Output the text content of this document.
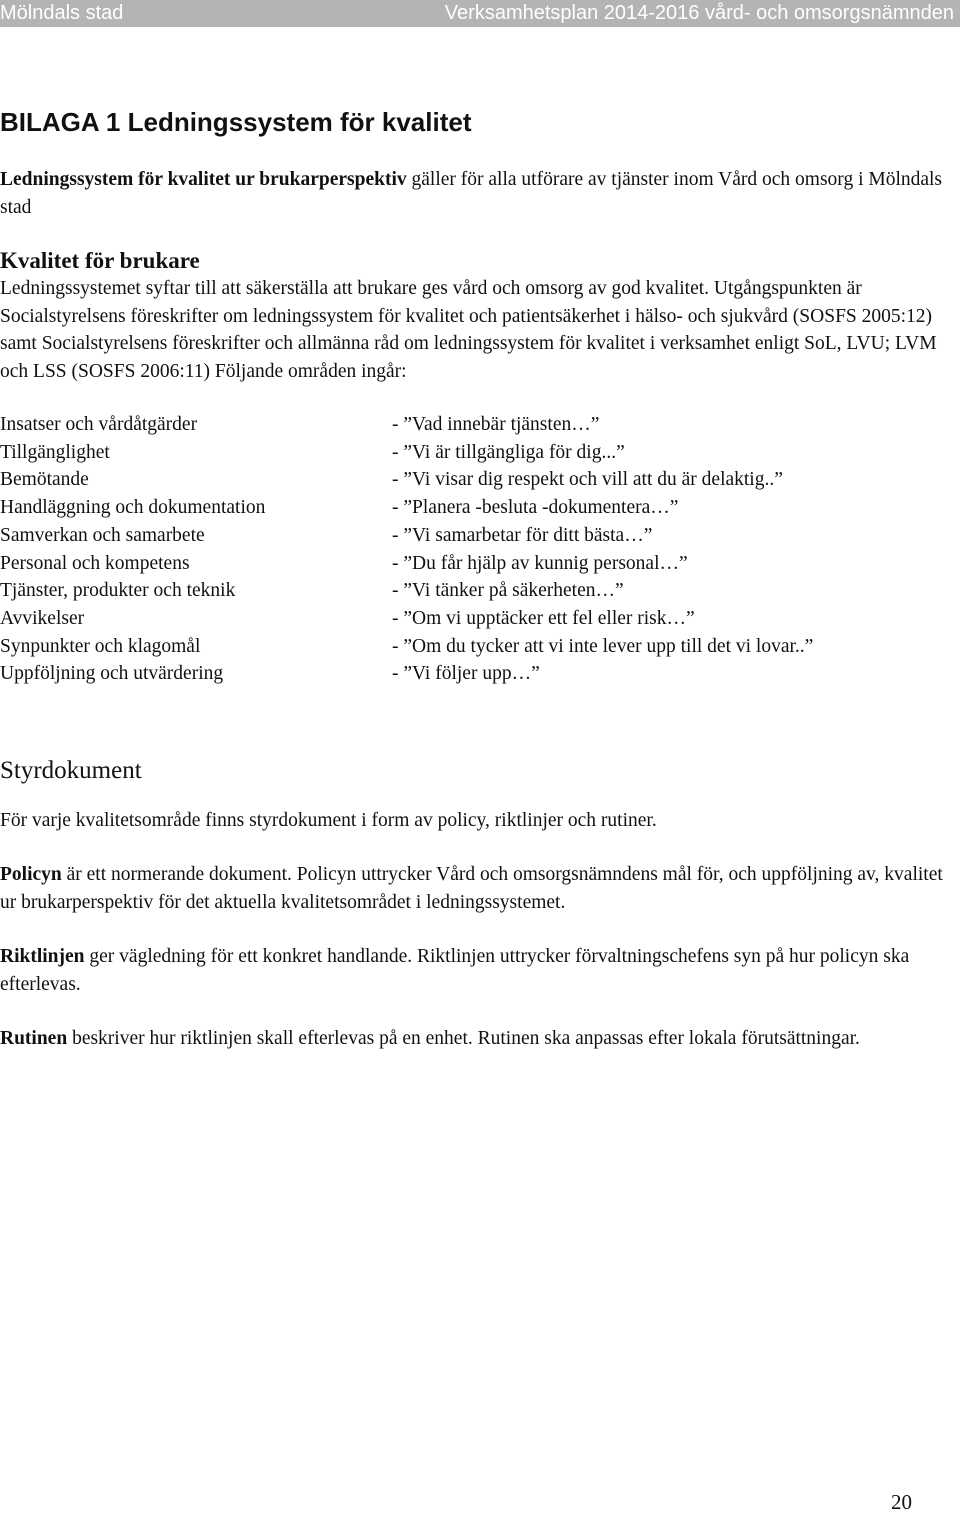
Mölndals stad	Verksamhetsplan 2014-2016 vård- och omsorgsnämnden
BILAGA 1 Ledningssystem för kvalitet

Ledningssystem för kvalitet ur brukarperspektiv gäller för alla utförare av tjänster inom Vård och omsorg i Mölndals stad

Kvalitet för brukare

Ledningssystemet syftar till att säkerställa att brukare ges vård och omsorg av god kvalitet. Utgångspunkten är Socialstyrelsens föreskrifter om ledningssystem för kvalitet och patientsäkerhet i hälso- och sjukvård (SOSFS 2005:12) samt Socialstyrelsens föreskrifter och allmänna råd om ledningssystem för kvalitet i verksamhet enligt SoL, LVU; LVM och LSS (SOSFS 2006:11) Följande områden ingår:

Insatser och vårdåtgärder	- ”Vad innebär tjänsten…”
Tillgänglighet	- ”Vi är tillgängliga för dig...”
Bemötande	- ”Vi visar dig respekt och vill att du är delaktig..”
Handläggning och dokumentation	- ”Planera -besluta -dokumentera…”
Samverkan och samarbete	- ”Vi samarbetar för ditt bästa…”
Personal och kompetens	- ”Du får hjälp av kunnig personal…”
Tjänster, produkter och teknik	- ”Vi tänker på säkerheten…”
Avvikelser	- ”Om vi upptäcker ett fel eller risk…”
Synpunkter och klagomål	- ”Om du tycker att vi inte lever upp till det vi lovar..”
Uppföljning och utvärdering	- ”Vi följer upp…”
Styrdokument

För varje kvalitetsområde finns styrdokument i form av policy, riktlinjer och rutiner.

Policyn är ett normerande dokument. Policyn uttrycker Vård och omsorgsnämndens mål för, och uppföljning av, kvalitet ur brukarperspektiv för det aktuella kvalitetsområdet i ledningssystemet.

Riktlinjen ger vägledning för ett konkret handlande. Riktlinjen uttrycker förvaltningschefens syn på hur policyn ska efterlevas.

Rutinen beskriver hur riktlinjen skall efterlevas på en enhet. Rutinen ska anpassas efter lokala förutsättningar.

20
